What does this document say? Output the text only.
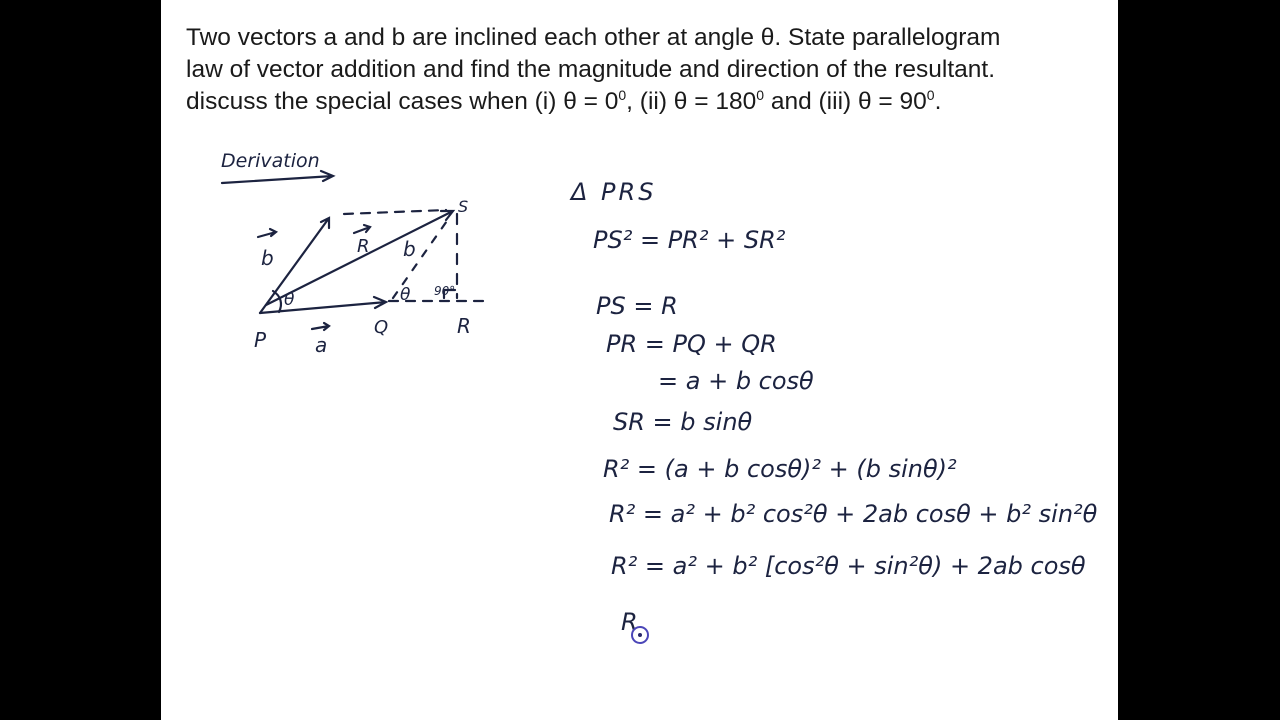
Two vectors a and b are inclined each other at angle θ. State parallelogram
law of vector addition and find the magnitude and direction of the resultant.
discuss the special cases when (i) $\theta = 0^0$, (ii) $\theta = 180^0$ and (iii) $\theta = 90^0$.
Derivation
P
Q	R
S
a
b	R b
θ	θ 90°
Δ PRS
PS² = PR² + SR²
PS = R
PR = PQ + QR
= a + b cosθ
SR = b sinθ
R² = (a + b cosθ)² + (b sinθ)²
R² = a² + b² cos²θ + 2ab cosθ + b² sin²θ
R² = a² + b² [cos²θ + sin²θ) + 2ab cosθ
R
